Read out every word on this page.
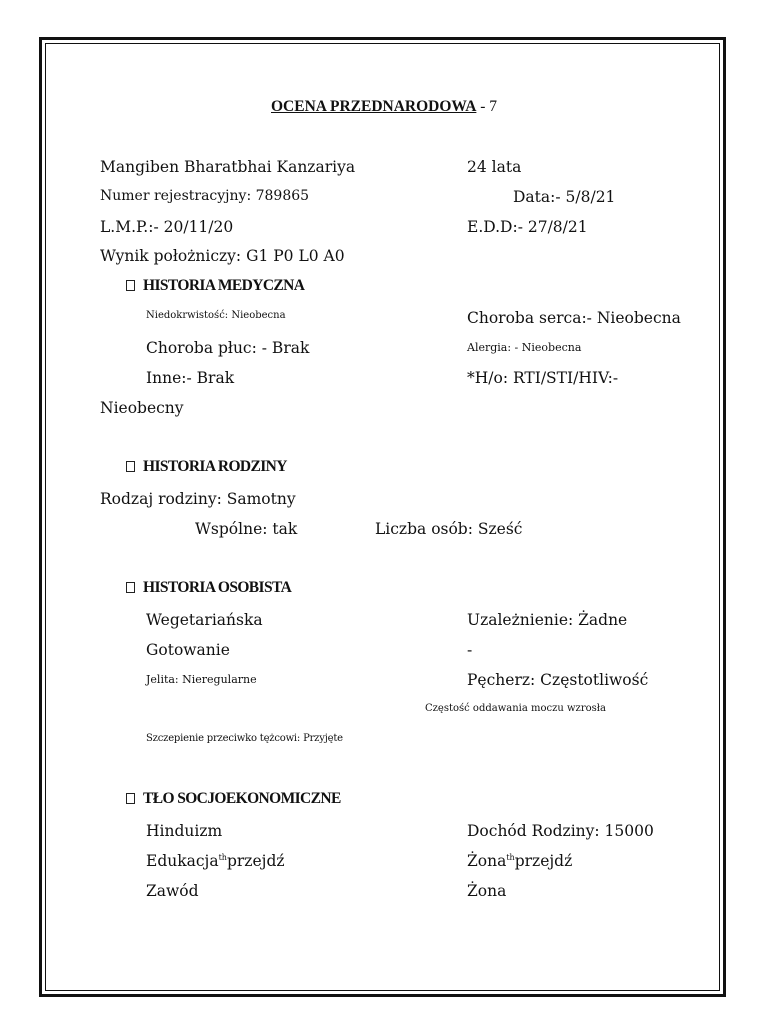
OCENA PRZEDNARODOWA - 7
Mangiben Bharatbhai Kanzariya	24 lata
Numer rejestracyjny: 789865	Data:- 5/8/21
L.M.P.:- 20/11/20	E.D.D:- 27/8/21
Wynik położniczy: G1 P0 L0 A0
HISTORIA MEDYCZNA
Niedokrwistość: Nieobecna	Choroba serca:- Nieobecna
Choroba płuc: - Brak	Alergia: - Nieobecna
Inne:- Brak	*H/o: RTI/STI/HIV:-
Nieobecny
HISTORIA RODZINY
Rodzaj rodziny: Samotny
Wspólne: tak	Liczba osób: Sześć
HISTORIA OSOBISTA
Wegetariańska	Uzależnienie: Żadne
Gotowanie	-
Jelita: Nieregularne	Pęcherz: Częstotliwość
Częstość oddawania moczu wzrosła
Szczepienie przeciwko tężcowi: Przyjęte
TŁO SOCJOEKONOMICZNE
Hinduizm	Dochód Rodziny: 15000
Edukacja$^{th}$przejdź	Żona$^{th}$przejdź
Zawód	Żona
